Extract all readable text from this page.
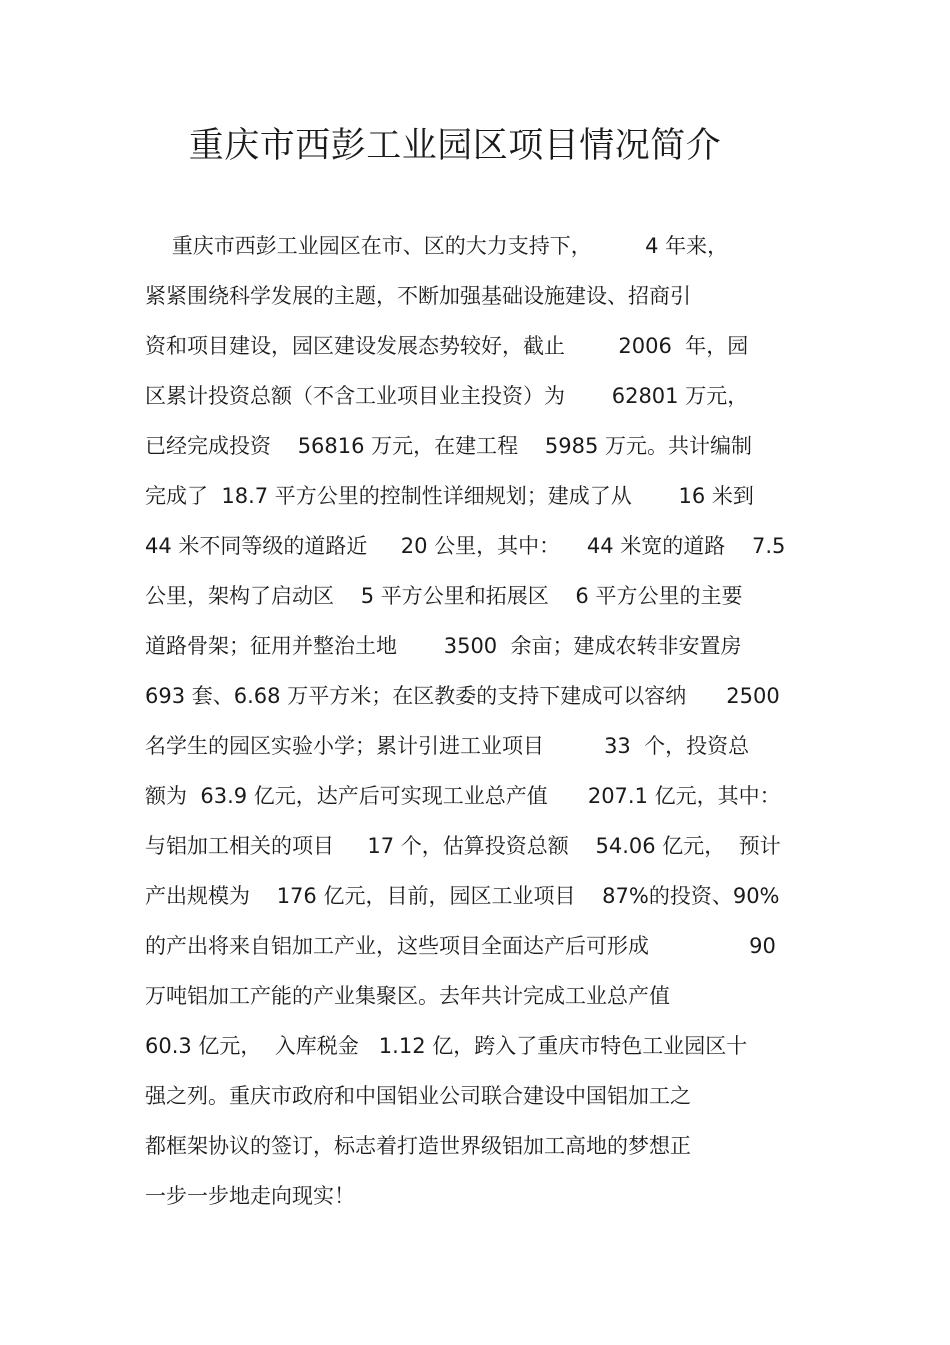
重庆市西彭工业园区项目情况简介
重庆市西彭工业园区在市、区的大力支持下，        4 年来，
紧紧围绕科学发展的主题，不断加强基础设施建设、招商引
资和项目建设，园区建设发展态势较好，截止        2006  年，园
区累计投资总额（不含工业项目业主投资）为       62801 万元，
已经完成投资    56816 万元，在建工程    5985 万元。共计编制
完成了  18.7 平方公里的控制性详细规划；建成了从       16 米到
44 米不同等级的道路近     20 公里，其中：    44 米宽的道路    7.5
公里，架构了启动区    5 平方公里和拓展区    6 平方公里的主要
道路骨架；征用并整治土地       3500  余亩；建成农转非安置房
693 套、6.68 万平方米；在区教委的支持下建成可以容纳      2500
名学生的园区实验小学；累计引进工业项目         33  个，投资总
额为  63.9 亿元，达产后可实现工业总产值      207.1 亿元，其中：
与铝加工相关的项目     17 个，估算投资总额    54.06 亿元，  预计
产出规模为    176 亿元，目前，园区工业项目    87%的投资、90%
的产出将来自铝加工产业，这些项目全面达产后可形成               90
万吨铝加工产能的产业集聚区。去年共计完成工业总产值
60.3 亿元，  入库税金   1.12 亿，跨入了重庆市特色工业园区十
强之列。重庆市政府和中国铝业公司联合建设中国铝加工之
都框架协议的签订，标志着打造世界级铝加工高地的梦想正
一步一步地走向现实！
